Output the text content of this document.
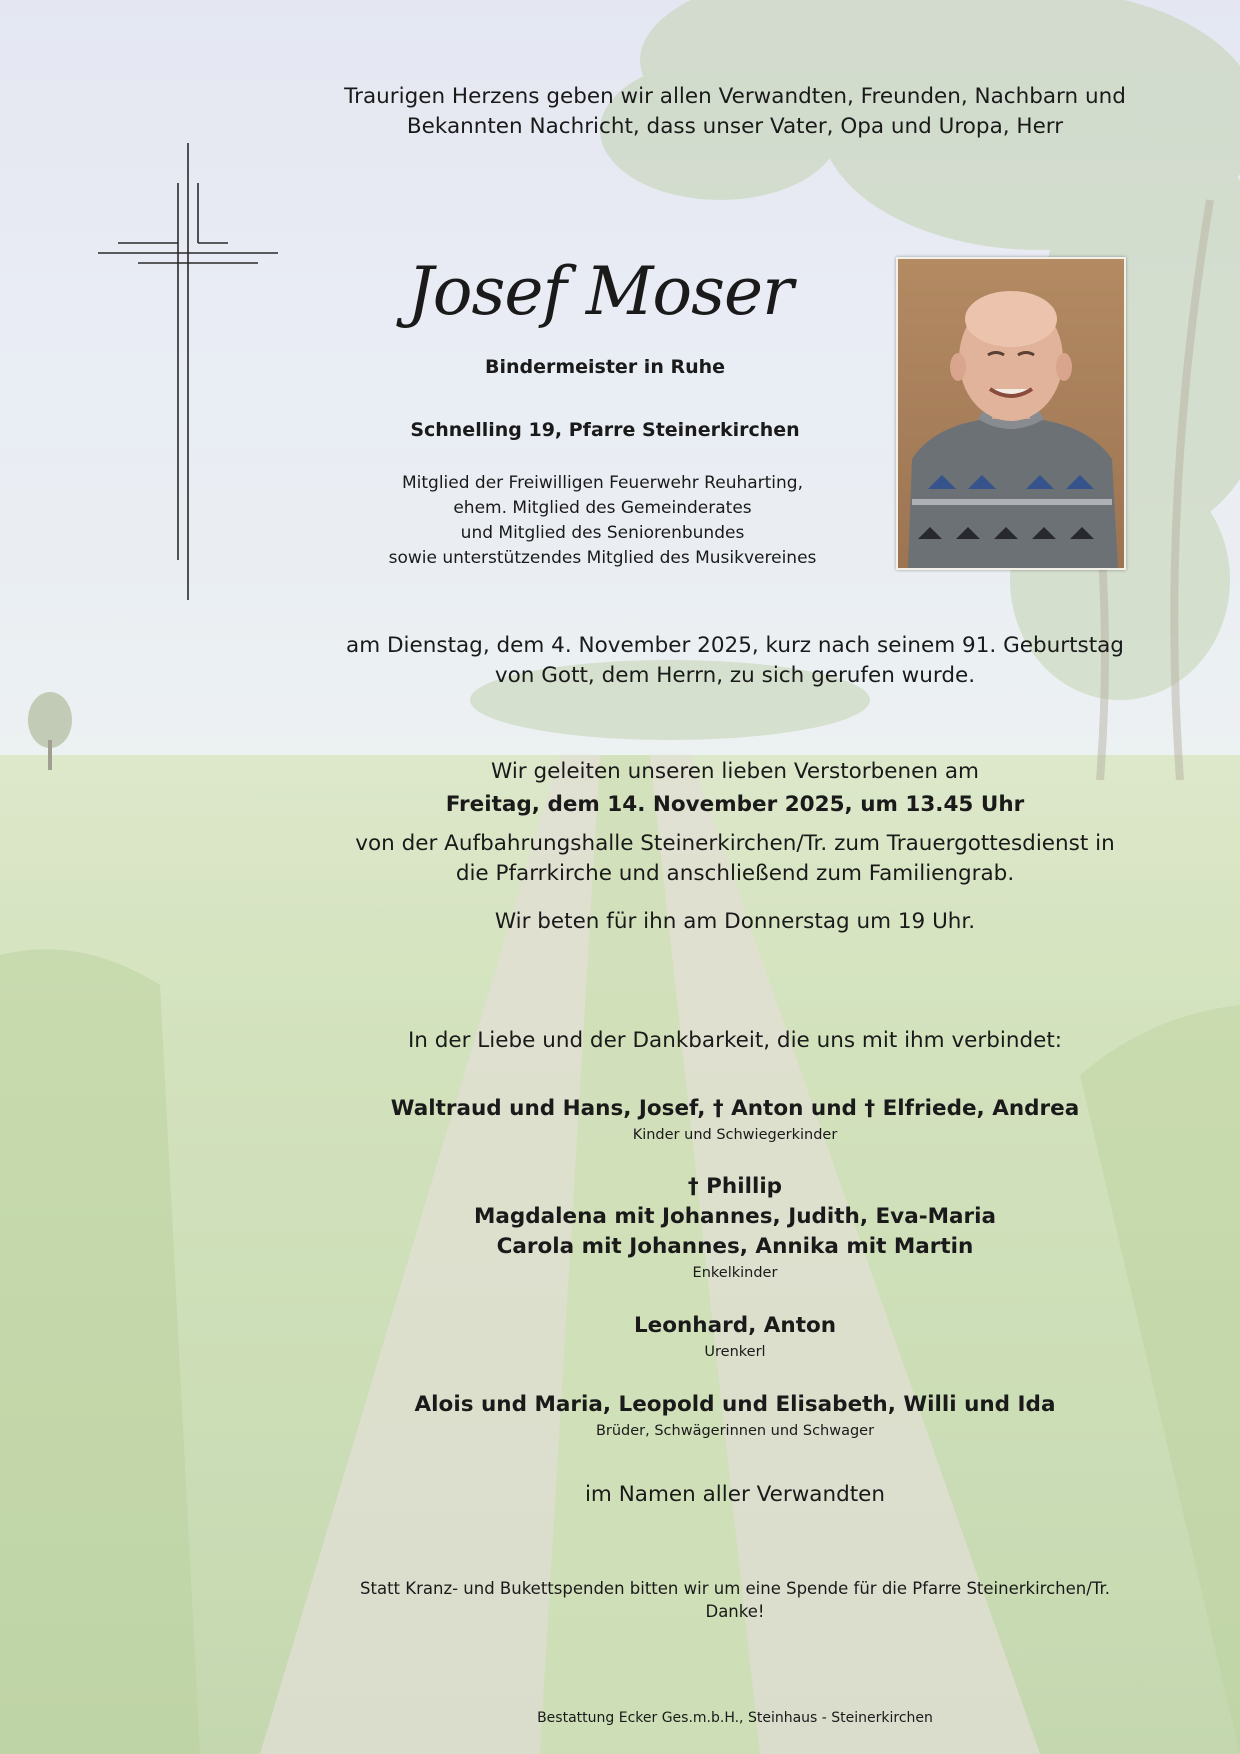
Traurigen Herzens geben wir allen Verwandten, Freunden, Nachbarn und Bekannten Nachricht, dass unser Vater, Opa und Uropa, Herr
Josef Moser
Bindermeister in Ruhe
Schnelling 19, Pfarre Steinerkirchen
Mitglied der Freiwilligen Feuerwehr Reuharting,
ehem. Mitglied des Gemeinderates
und Mitglied des Seniorenbundes
sowie unterstützendes Mitglied des Musikvereines
am Dienstag, dem 4. November 2025, kurz nach seinem 91. Geburtstag von Gott, dem Herrn, zu sich gerufen wurde.
Wir geleiten unseren lieben Verstorbenen am
Freitag, dem 14. November 2025, um 13.45 Uhr
von der Aufbahrungshalle Steinerkirchen/Tr. zum Trauergottesdienst in die Pfarrkirche und anschließend zum Familiengrab.
Wir beten für ihn am Donnerstag um 19 Uhr.
In der Liebe und der Dankbarkeit, die uns mit ihm verbindet:
Waltraud und Hans, Josef, † Anton und † Elfriede, Andrea
Kinder und Schwiegerkinder
† Phillip
Magdalena mit Johannes, Judith, Eva-Maria
Carola mit Johannes, Annika mit Martin
Enkelkinder
Leonhard, Anton
Urenkerl
Alois und Maria, Leopold und Elisabeth, Willi und Ida
Brüder, Schwägerinnen und Schwager
im Namen aller Verwandten
Statt Kranz- und Bukettspenden bitten wir um eine Spende für die Pfarre Steinerkirchen/Tr. Danke!
Bestattung Ecker Ges.m.b.H., Steinhaus - Steinerkirchen
